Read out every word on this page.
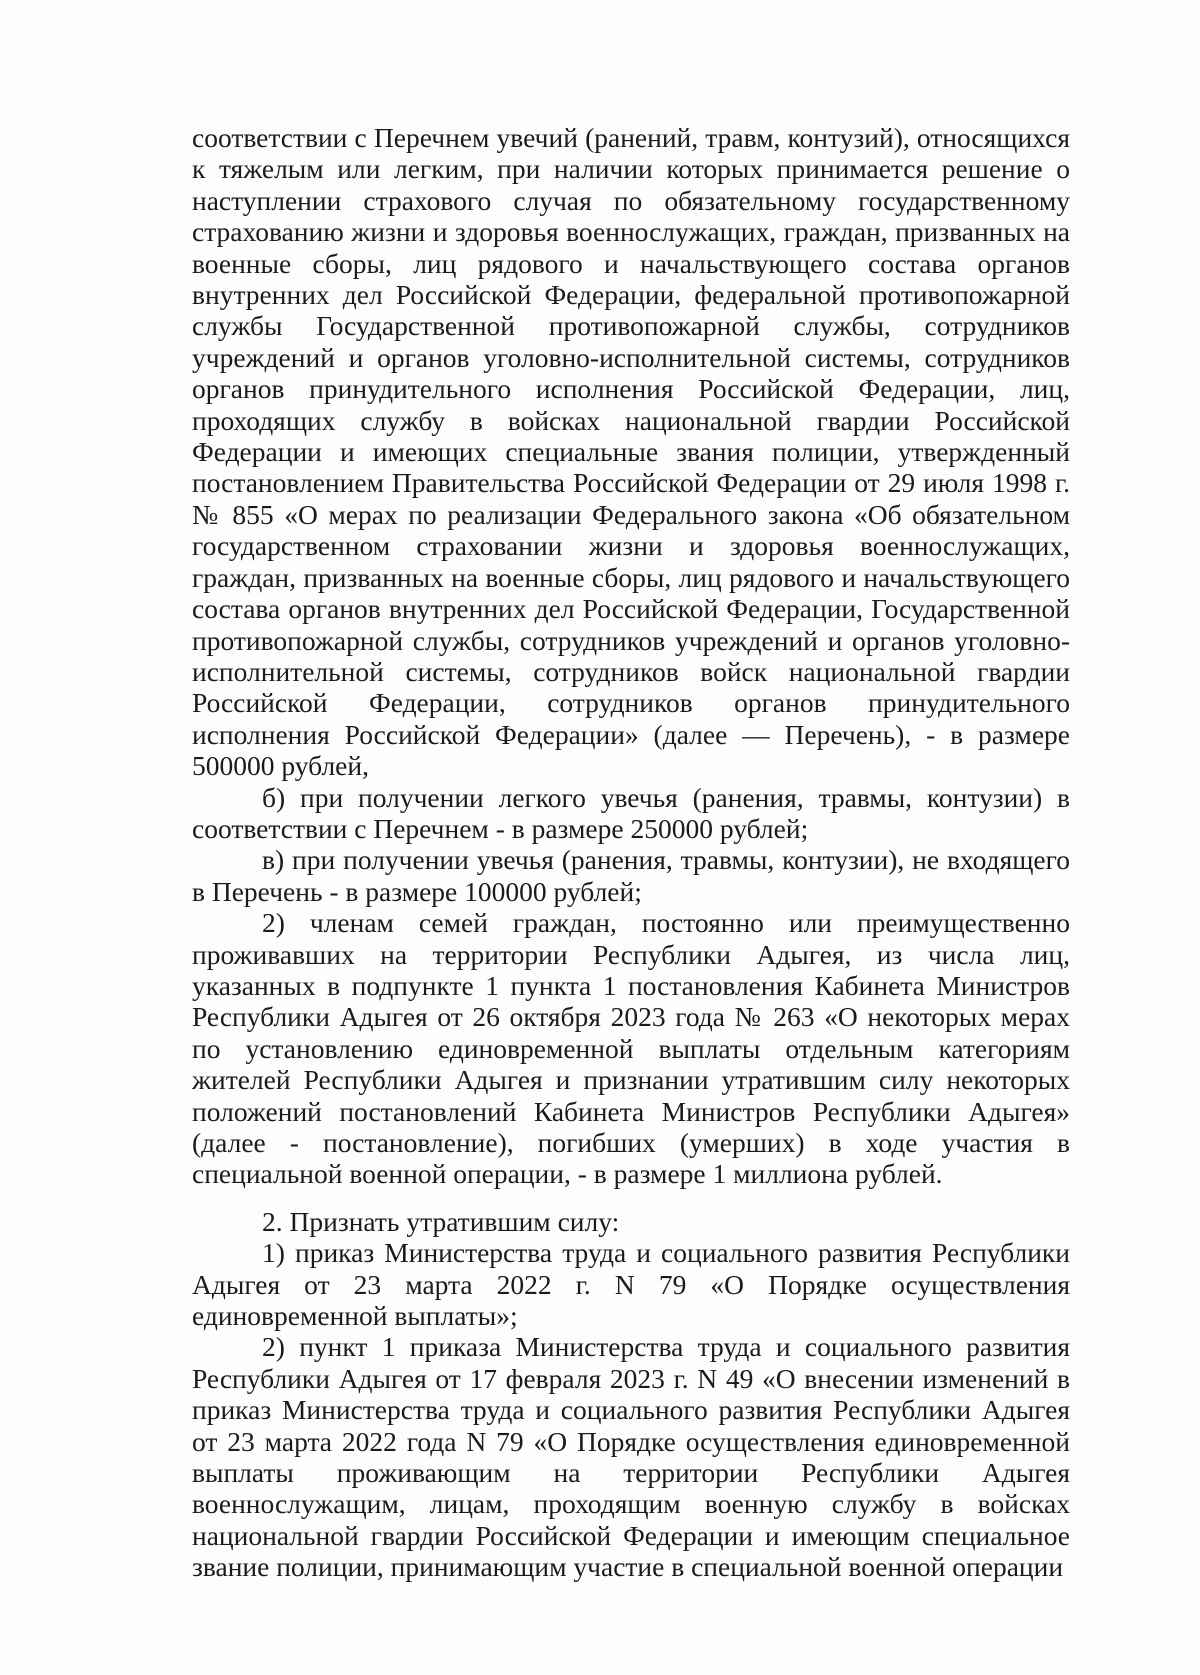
соответствии с Перечнем увечий (ранений, травм, контузий), относящихся к тяжелым или легким, при наличии которых принимается решение о наступлении страхового случая по обязательному государственному страхованию жизни и здоровья военнослужащих, граждан, призванных на военные сборы, лиц рядового и начальствующего состава органов внутренних дел Российской Федерации, федеральной противопожарной службы Государственной противопожарной службы, сотрудников учреждений и органов уголовно-исполнительной системы, сотрудников органов принудительного исполнения Российской Федерации, лиц, проходящих службу в войсках национальной гвардии Российской Федерации и имеющих специальные звания полиции, утвержденный постановлением Правительства Российской Федерации от 29 июля 1998 г. № 855 «О мерах по реализации Федерального закона «Об обязательном государственном страховании жизни и здоровья военнослужащих, граждан, призванных на военные сборы, лиц рядового и начальствующего состава органов внутренних дел Российской Федерации, Государственной противопожарной службы, сотрудников учреждений и органов уголовно-исполнительной системы, сотрудников войск национальной гвардии Российской Федерации, сотрудников органов принудительного исполнения Российской Федерации» (далее — Перечень), - в размере 500000 рублей,

б) при получении легкого увечья (ранения, травмы, контузии) в соответствии с Перечнем - в размере 250000 рублей;

в) при получении увечья (ранения, травмы, контузии), не входящего в Перечень - в размере 100000 рублей;

2) членам семей граждан, постоянно или преимущественно проживавших на территории Республики Адыгея, из числа лиц, указанных в подпункте 1 пункта 1 постановления Кабинета Министров Республики Адыгея от 26 октября 2023 года № 263 «О некоторых мерах по установлению единовременной выплаты отдельным категориям жителей Республики Адыгея и признании утратившим силу некоторых положений постановлений Кабинета Министров Республики Адыгея» (далее - постановление), погибших (умерших) в ходе участия в специальной военной операции, - в размере 1 миллиона рублей.

2. Признать утратившим силу:

1) приказ Министерства труда и социального развития Республики Адыгея от 23 марта 2022 г. N 79 «О Порядке осуществления единовременной выплаты»;

2) пункт 1 приказа Министерства труда и социального развития Республики Адыгея от 17 февраля 2023 г. N 49 «О внесении изменений в приказ Министерства труда и социального развития Республики Адыгея от 23 марта 2022 года N 79 «О Порядке осуществления единовременной выплаты проживающим на территории Республики Адыгея военнослужащим, лицам, проходящим военную службу в войсках национальной гвардии Российской Федерации и имеющим специальное звание полиции, принимающим участие в специальной военной операции
